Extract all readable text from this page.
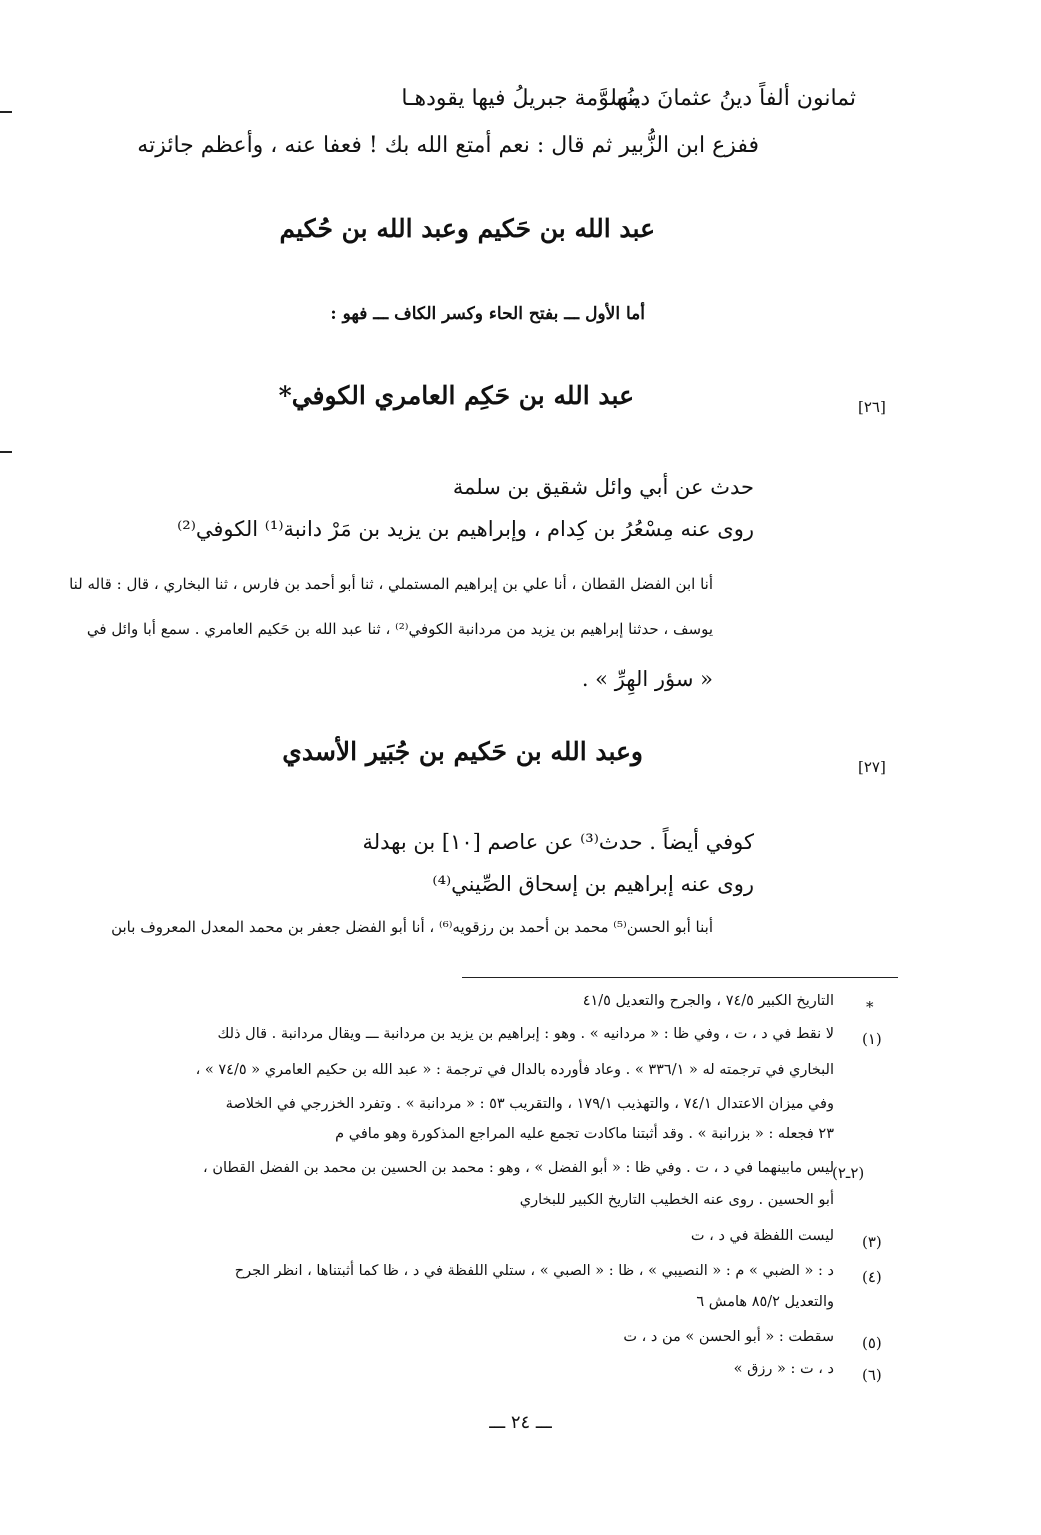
ثمانون ألفاً دينُ عثمانَ دينُها
مسوَّمة جبريلُ فيها يقودهـا
ففزع ابن الزُّبير ثم قال : نعم أمتع الله بك ! فعفا عنه ، وأعظم جائزته
عبد الله بن حَكيم وعبد الله بن حُكيم
أما الأول ـــ بفتح الحاء وكسر الكاف ـــ فهو :
[٢٦]
عبد الله بن حَكِم العامري الكوفي*
حدث عن أبي وائل شقيق بن سلمة
روى عنه مِسْعُرُ بن كِدام ، وإبراهيم بن يزيد بن مَرْ دانبة⁽¹⁾ الكوفي⁽²⁾
أنا ابن الفضل القطان ، أنا علي بن إبراهيم المستملي ، ثنا أبو أحمد بن فارس ، ثنا البخاري ، قال : قاله لنا
يوسف ، حدثنا إبراهيم بن يزيد من مردانبة الكوفي⁽²⁾ ، ثنا عبد الله بن حَكيم العامري . سمع أبا وائل في
« سؤر الهِرِّ » .
[٢٧]
وعبد الله بن حَكيم بن جُبَير الأسدي
كوفي أيضاً . حدث⁽³⁾ عن عاصم [١٠] بن بهدلة
روى عنه إبراهيم بن إسحاق الصِّيني⁽⁴⁾
أبنا أبو الحسن⁽⁵⁾ محمد بن أحمد بن رزقويه⁽⁶⁾ ، أنا أبو الفضل جعفر بن محمد المعدل المعروف بابن
*
التاريخ الكبير ٧٤/٥ ، والجرح والتعديل ٤١/٥
(١)
لا نقط في د ، ت ، وفي ظا : « مردانيه » . وهو : إبراهيم بن يزيد بن مردانبة ـــ ويقال مردانبة . قال ذلك
البخاري في ترجمته له « ٣٣٦/١ » . وعاد فأورده بالدال في ترجمة : « عبد الله بن حكيم العامري « ٧٤/٥ » ،
وفي ميزان الاعتدال ٧٤/١ ، والتهذيب ١٧٩/١ ، والتقريب ٥٣ : « مردانبة » . وتفرد الخزرجي في الخلاصة
٢٣ فجعله : « بزرانبة » . وقد أثبتنا ماكادت تجمع عليه المراجع المذكورة وهو مافي م
(٢ـ٢)
ليس مابينهما في د ، ت . وفي ظا : « أبو الفضل » ، وهو : محمد بن الحسين بن محمد بن الفضل القطان ،
أبو الحسين . روى عنه الخطيب التاريخ الكبير للبخاري
(٣)
ليست اللفظة في د ، ت
(٤)
د : « الضبي » م : « النصيبي » ، ظا : « الصبي » ، ستلي اللفظة في د ، ظا كما أثبتناها ، انظر الجرح
والتعديل ٨٥/٢ هامش ٦
(٥)
سقطت : « أبو الحسن » من د ، ت
(٦)
د ، ت : « رزق »
ـــ ٢٤ ـــ
